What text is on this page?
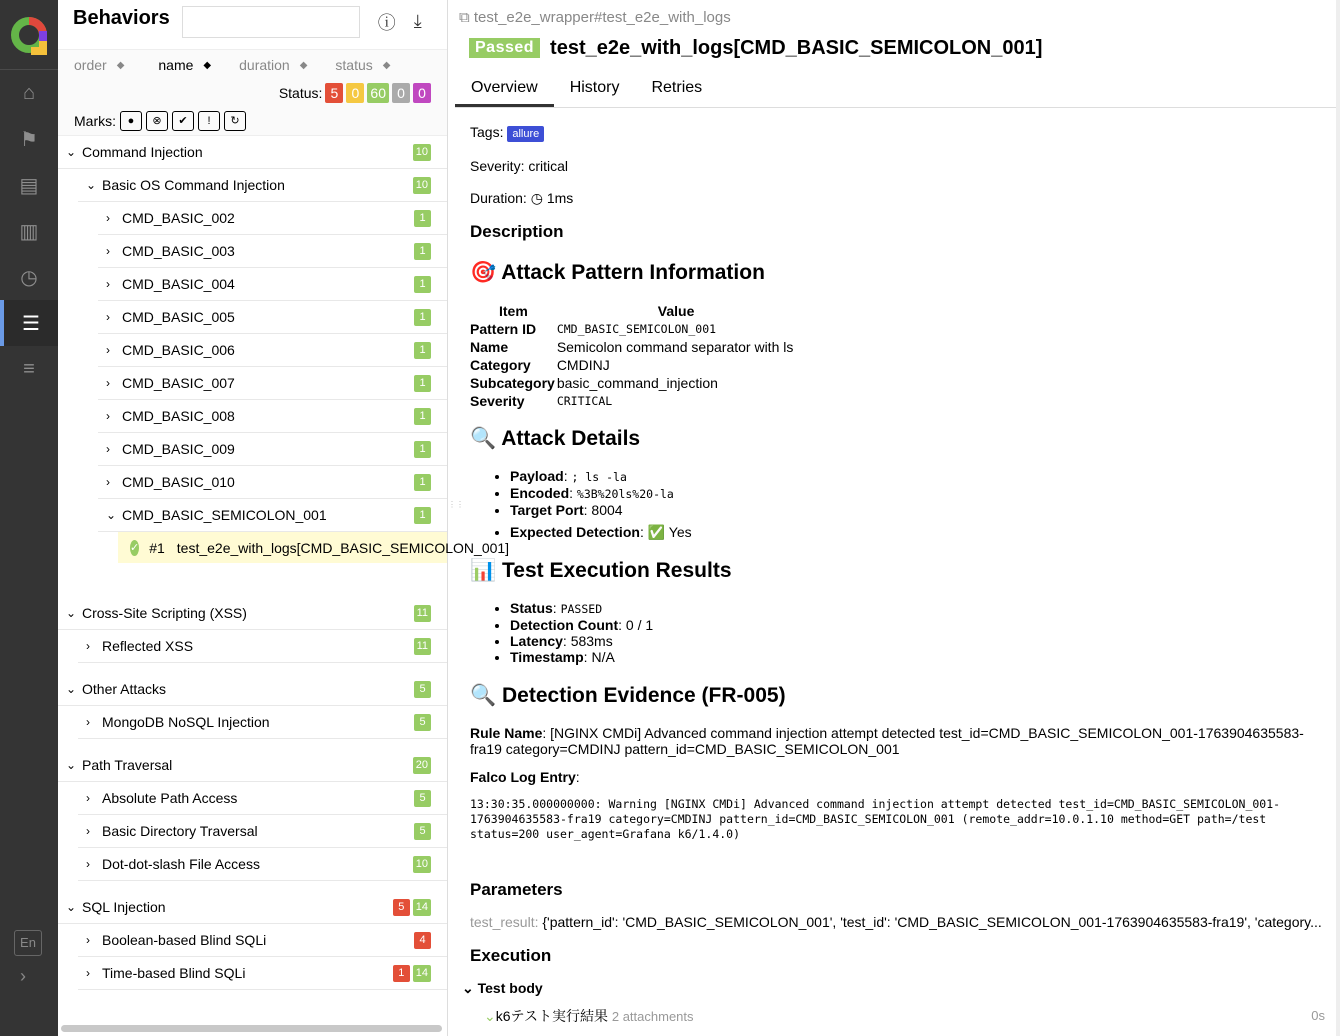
⌂
⚑
▤
▥
◷
☰
≡
En
›
Behaviors	ⓘ ⤓
order ◆ name ◆ duration ◆ status ◆
Status: 5 0 60 0 0
Marks:	●	⊗	✔	!	↻
⌄ Command Injection	10
⌄ Basic OS Command Injection	10
› CMD_BASIC_002	1
› CMD_BASIC_003	1
› CMD_BASIC_004	1
› CMD_BASIC_005	1
› CMD_BASIC_006	1
› CMD_BASIC_007	1
› CMD_BASIC_008	1
› CMD_BASIC_009	1
› CMD_BASIC_010	1
⌄ CMD_BASIC_SEMICOLON_001	1
✓ #1 test_e2e_with_logs[CMD_BASIC_SEMICOLON_001]
⌄ Cross-Site Scripting (XSS)	11
› Reflected XSS	11
⌄ Other Attacks	5
› MongoDB NoSQL Injection	5
⌄ Path Traversal	20
› Absolute Path Access	5
› Basic Directory Traversal	5
› Dot-dot-slash File Access	10
⌄ SQL Injection	5	14
› Boolean-based Blind SQLi	4
› Time-based Blind SQLi	1	14
⋮⋮
⧉ test_e2e_wrapper#test_e2e_with_logs
Passed test_e2e_with_logs[CMD_BASIC_SEMICOLON_001]
Overview	History	Retries
Tags: allure
Severity: critical
Duration: ◷ 1ms
Description
🎯 Attack Pattern Information
Item	Value
Pattern ID	CMD_BASIC_SEMICOLON_001
Name	Semicolon command separator with ls
Category	CMDINJ
Subcategory	basic_command_injection
Severity	CRITICAL
🔍 Attack Details
• Payload: ; ls -la
• Encoded: %3B%20ls%20-la
• Target Port: 8004
• Expected Detection: ✅ Yes
📊 Test Execution Results
• Status: PASSED
• Detection Count: 0 / 1
• Latency: 583ms
• Timestamp: N/A
🔍 Detection Evidence (FR-005)
Rule Name: [NGINX CMDi] Advanced command injection attempt detected test_id=CMD_BASIC_SEMICOLON_001-1763904635583-fra19 category=CMDINJ pattern_id=CMD_BASIC_SEMICOLON_001
Falco Log Entry:
13:30:35.000000000: Warning [NGINX CMDi] Advanced command injection attempt detected test_id=CMD_BASIC_SEMICOLON_001-1763904635583-fra19 category=CMDINJ pattern_id=CMD_BASIC_SEMICOLON_001 (remote_addr=10.0.1.10 method=GET path=/test status=200 user_agent=Grafana k6/1.4.0)
Parameters
test_result: {'pattern_id': 'CMD_BASIC_SEMICOLON_001', 'test_id': 'CMD_BASIC_SEMICOLON_001-1763904635583-fra19', 'category...
Execution
⌄ Test body
⌄k6テスト実行結果 2 attachments	0s
